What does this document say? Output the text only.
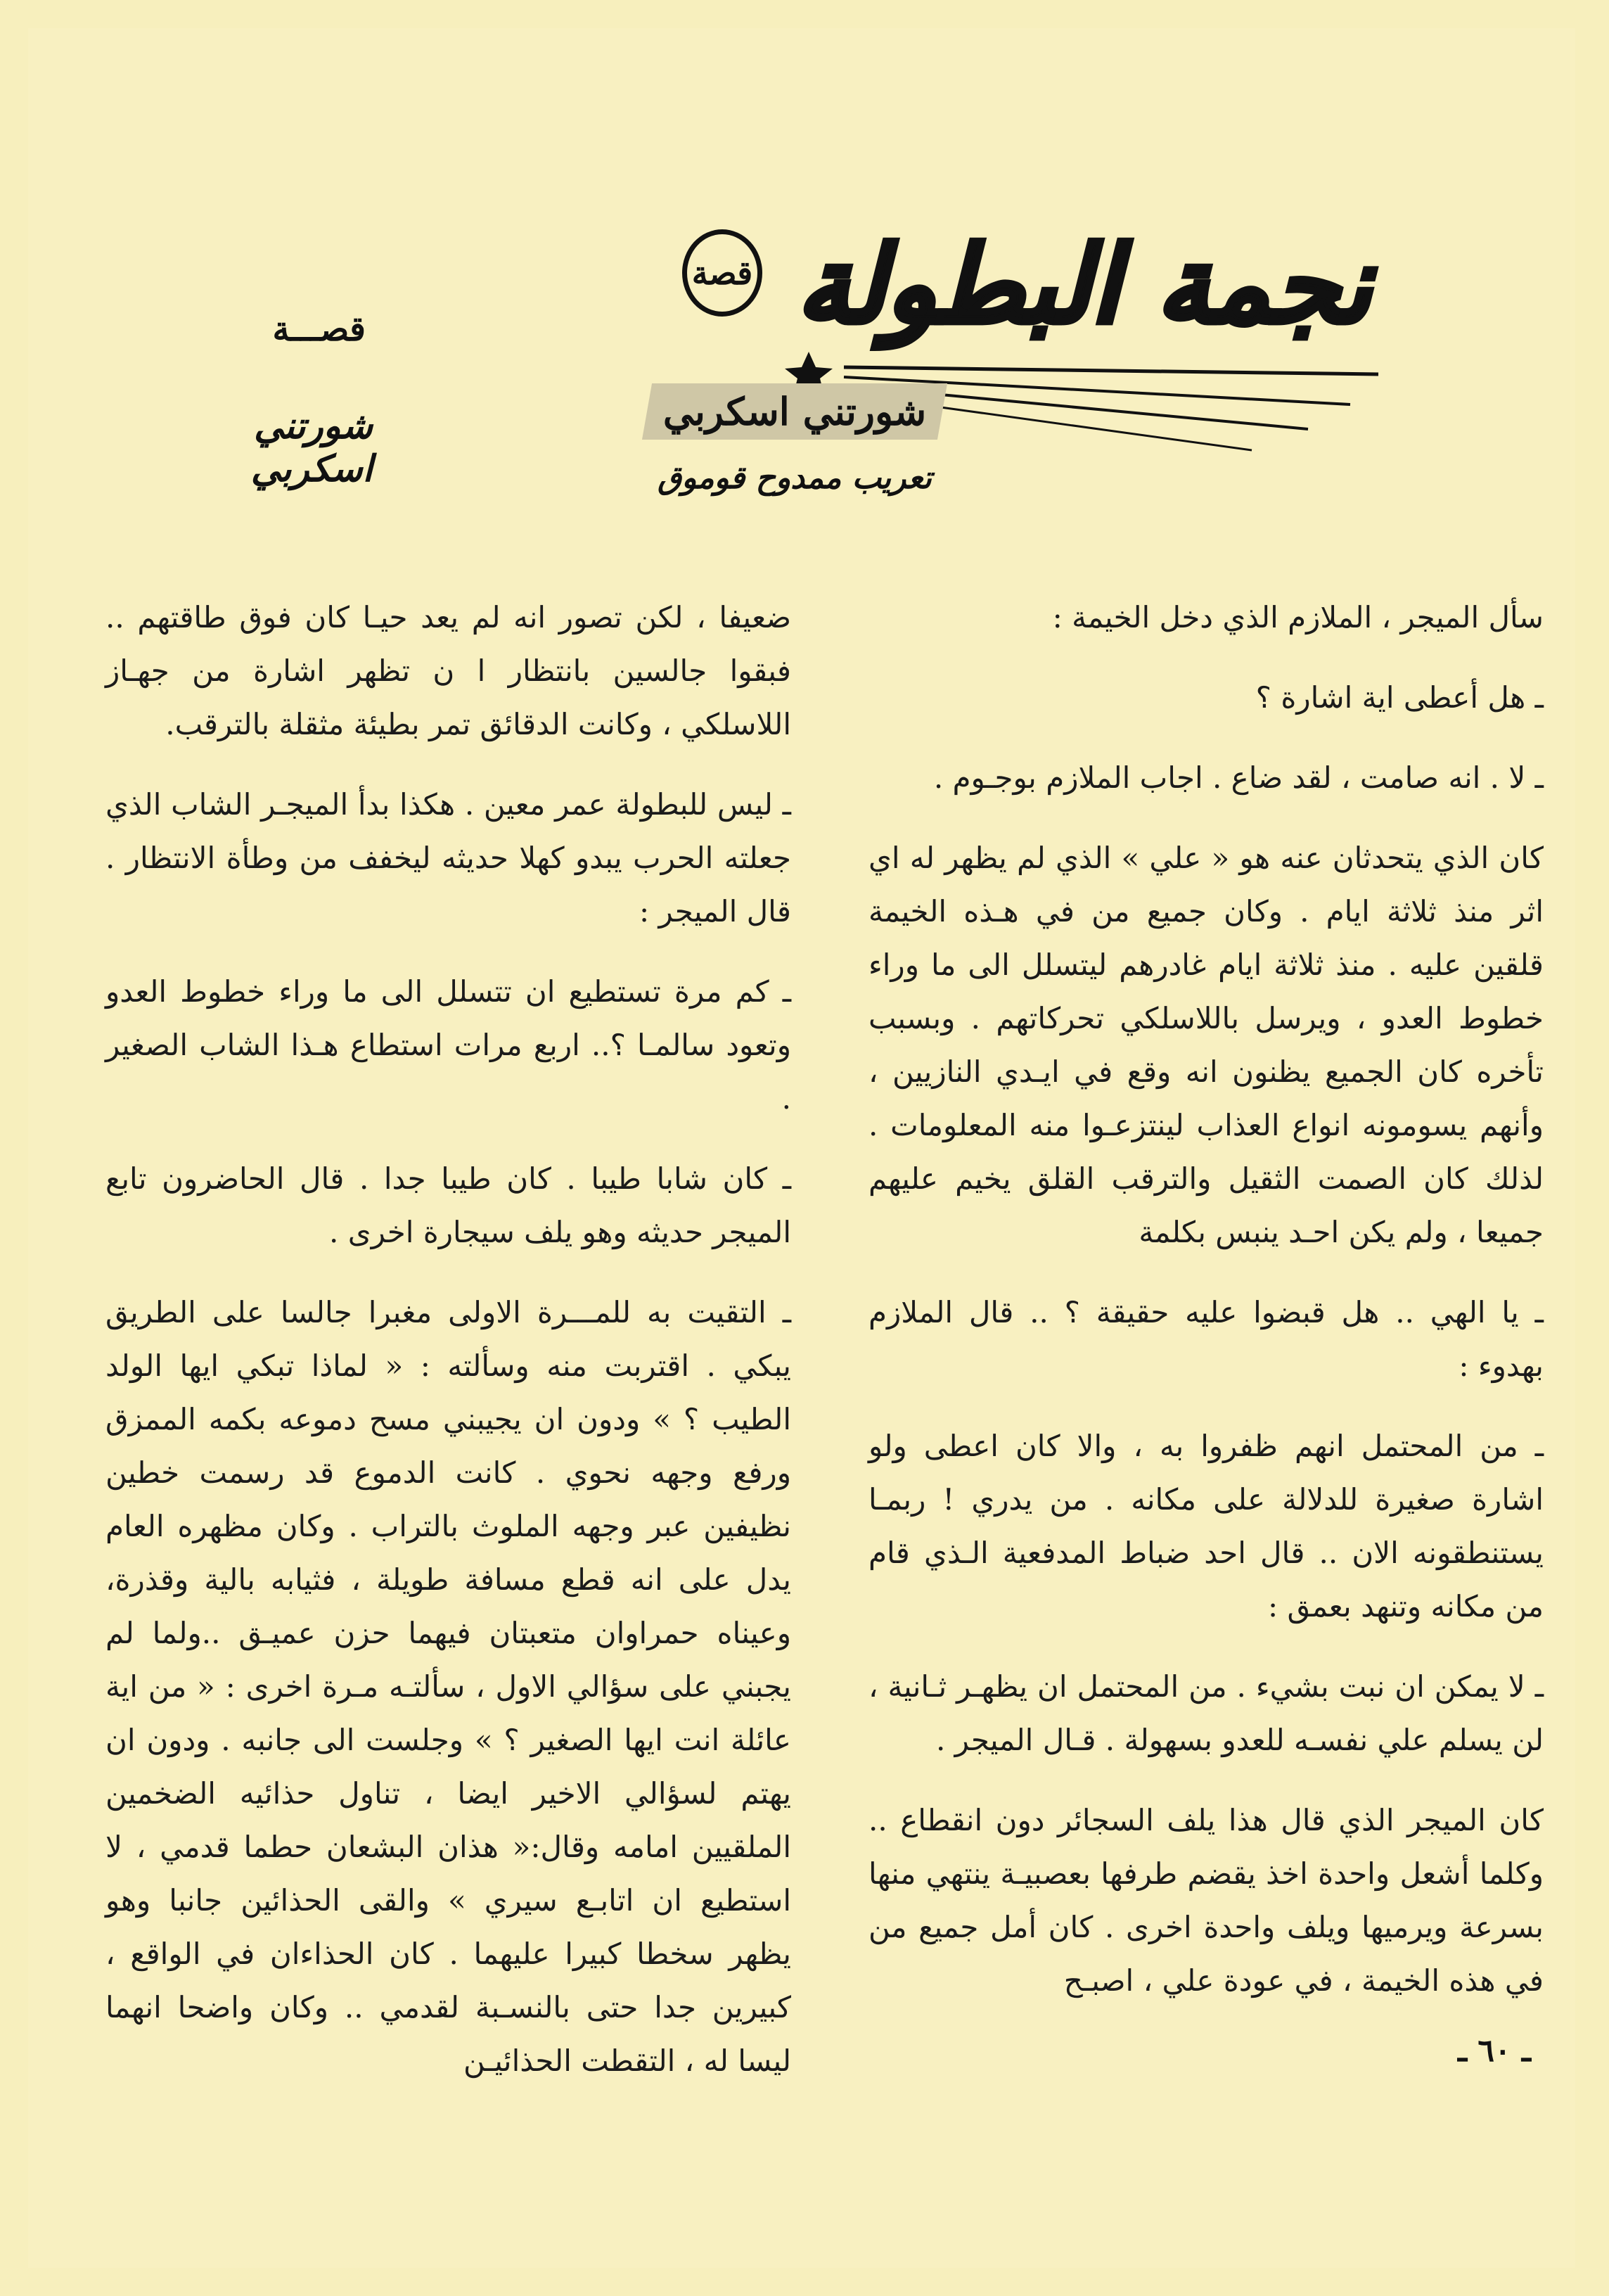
نجمة البطولة
قصة
شورتني اسكربي
تعريب ممدوح قوموق
قصـــة
شورتني اسكربي

سأل الميجر ، الملازم الذي دخل الخيمة :

ـ هل أعطى اية اشارة ؟

ـ لا . انه صامت ، لقد ضاع . اجاب الملازم بوجـوم .

كان الذي يتحدثان عنه هو « علي » الذي لم يظهر له اي اثر منذ ثلاثة ايام . وكان جميع من في هـذه الخيمة قلقين عليه . منذ ثلاثة ايام غادرهم ليتسلل الى ما وراء خطوط العدو ، ويرسل باللاسلكي تحركاتهم . وبسبب تأخره كان الجميع يظنون انه وقع في ايـدي النازيين ، وأنهم يسومونه انواع العذاب لينتزعـوا منه المعلومات . لذلك كان الصمت الثقيل والترقب القلق يخيم عليهم جميعا ، ولم يكن احـد ينبس بكلمة

ـ يا الهي .. هل قبضوا عليه حقيقة ؟ .. قال الملازم بهدوء :

ـ من المحتمل انهم ظفروا به ، والا كان اعطى ولو اشارة صغيرة للدلالة على مكانه . من يدري ! ربمـا يستنطقونه الان .. قال احد ضباط المدفعية الـذي قام من مكانه وتنهد بعمق :

ـ لا يمكن ان نبت بشيء . من المحتمل ان يظهـر ثـانية ، لن يسلم علي نفسـه للعدو بسهولة . قـال الميجر .

كان الميجر الذي قال هذا يلف السجائر دون انقطاع .. وكلما أشعل واحدة اخذ يقضم طرفها بعصبيـة ينتهي منها بسرعة ويرميها ويلف واحدة اخرى . كان أمل جميع من في هذه الخيمة ، في عودة علي ، اصبـح

ضعيفا ، لكن تصور انه لم يعد حيـا كان فوق طاقتهم .. فبقوا جالسين بانتظار ا ن تظهر اشارة من جهـاز اللاسلكي ، وكانت الدقائق تمر بطيئة مثقلة بالترقب.

ـ ليس للبطولة عمر معين . هكذا بدأ الميجـر الشاب الذي جعلته الحرب يبدو كهلا حديثه ليخفف من وطأة الانتظار . قال الميجر :

ـ كم مرة تستطيع ان تتسلل الى ما وراء خطوط العدو وتعود سالمـا ؟.. اربع مرات استطاع هـذا الشاب الصغير .

ـ كان شابا طيبا . كان طيبا جدا . قال الحاضرون تابع الميجر حديثه وهو يلف سيجارة اخرى .

ـ التقيت به للمـــرة الاولى مغبرا جالسا على الطريق يبكي . اقتربت منه وسألته : « لماذا تبكي ايها الولد الطيب ؟ » ودون ان يجيبني مسح دموعه بكمه الممزق ورفع وجهه نحوي . كانت الدموع قد رسمت خطين نظيفين عبر وجهه الملوث بالتراب . وكان مظهره العام يدل على انه قطع مسافة طويلة ، فثيابه بالية وقذرة، وعيناه حمراوان متعبتان فيهما حزن عميـق ..ولما لم يجبني على سؤالي الاول ، سألتـه مـرة اخرى : « من اية عائلة انت ايها الصغير ؟ » وجلست الى جانبه . ودون ان يهتم لسؤالي الاخير ايضا ، تناول حذائيه الضخمين الملقيين امامه وقال:« هذان البشعان حطما قدمي ، لا استطيع ان اتابـع سيري » والقى الحذائين جانبا وهو يظهر سخطا كبيرا عليهما . كان الحذاءان في الواقع ، كبيرين جدا حتى بالنسـبة لقدمي .. وكان واضحا انهما ليسا له ، التقطت الحذائيـن	ـ ٦٠ ـ
